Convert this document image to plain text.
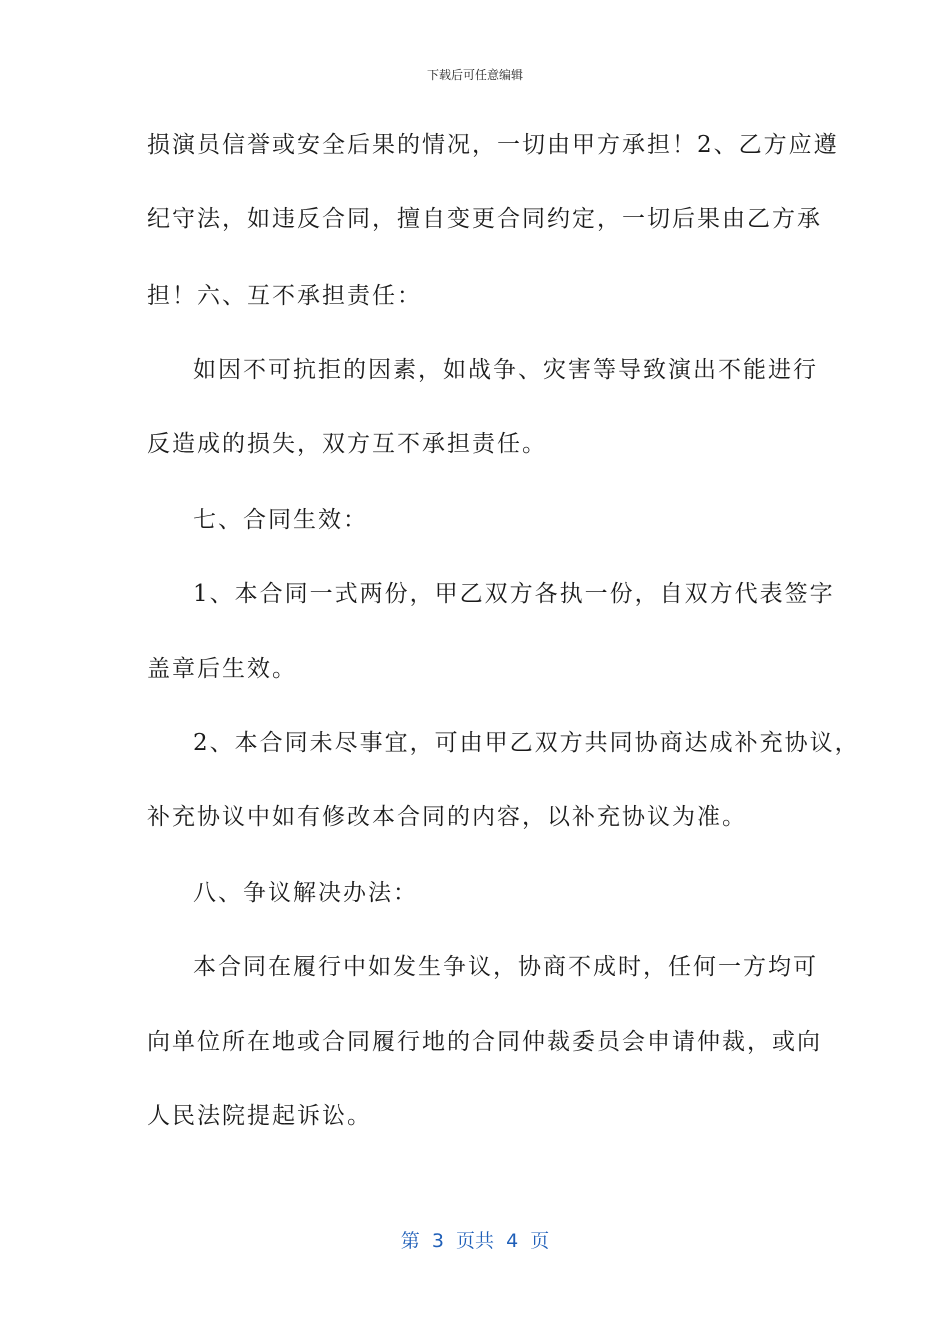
下载后可任意编辑
损演员信誉或安全后果的情况，一切由甲方承担！2、乙方应遵
纪守法，如违反合同，擅自变更合同约定，一切后果由乙方承
担！六、互不承担责任：
如因不可抗拒的因素，如战争、灾害等导致演出不能进行
反造成的损失，双方互不承担责任。
七、合同生效：
1、本合同一式两份，甲乙双方各执一份，自双方代表签字
盖章后生效。
2、本合同未尽事宜，可由甲乙双方共同协商达成补充协议，
补充协议中如有修改本合同的内容，以补充协议为准。
八、争议解决办法：
本合同在履行中如发生争议，协商不成时，任何一方均可
向单位所在地或合同履行地的合同仲裁委员会申请仲裁，或向
人民法院提起诉讼。
第  3  页共  4  页
